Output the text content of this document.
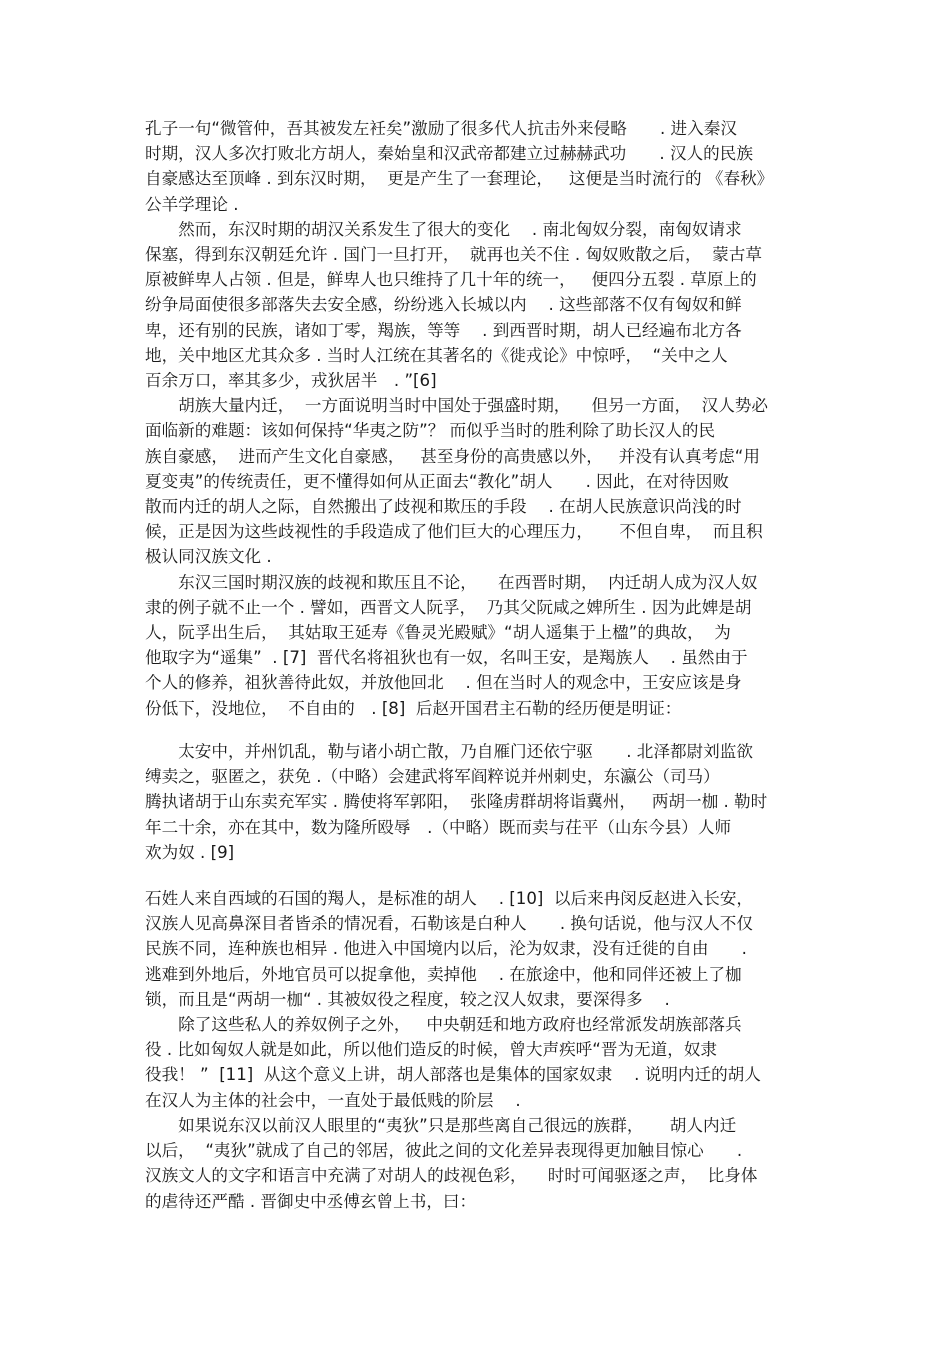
孔子一句“微管仲，吾其被发左衽矣”激励了很多代人抗击外来侵略　　. 进入秦汉
时期，汉人多次打败北方胡人，秦始皇和汉武帝都建立过赫赫武功　　. 汉人的民族
自豪感达至顶峰 . 到东汉时期，  更是产生了一套理论，   这便是当时流行的 《春秋》
公羊学理论 .
　　然而，东汉时期的胡汉关系发生了很大的变化　 . 南北匈奴分裂，南匈奴请求
保塞，得到东汉朝廷允许 . 国门一旦打开，  就再也关不住 . 匈奴败散之后，  蒙古草
原被鲜卑人占领 . 但是，鲜卑人也只维持了几十年的统一，   便四分五裂 . 草原上的
纷争局面使很多部落失去安全感，纷纷逃入长城以内　 . 这些部落不仅有匈奴和鲜
卑，还有别的民族，诸如丁零，羯族，等等　 . 到西晋时期，胡人已经遍布北方各
地，关中地区尤其众多 . 当时人江统在其著名的《徙戎论》中惊呼，  “关中之人
百余万口，率其多少，戎狄居半　. ”[6]
　　胡族大量内迁，  一方面说明当时中国处于强盛时期，    但另一方面，  汉人势必
面临新的难题：该如何保持“华夷之防”？ 而似乎当时的胜利除了助长汉人的民
族自豪感，  进而产生文化自豪感，   甚至身份的高贵感以外，   并没有认真考虑“用
夏变夷”的传统责任，更不懂得如何从正面去“教化”胡人　　. 因此，在对待因败
散而内迁的胡人之际，自然搬出了歧视和欺压的手段　 . 在胡人民族意识尚浅的时
候，正是因为这些歧视性的手段造成了他们巨大的心理压力，     不但自卑，  而且积
极认同汉族文化 .
　　东汉三国时期汉族的歧视和欺压且不论，    在西晋时期，  内迁胡人成为汉人奴
隶的例子就不止一个 . 譬如，西晋文人阮孚，  乃其父阮咸之婢所生 . 因为此婢是胡
人，阮孚出生后，  其姑取王延寿《鲁灵光殿赋》“胡人遥集于上楹”的典故，  为
他取字为“遥集”  . [7]  晋代名将祖狄也有一奴，名叫王安，是羯族人　 . 虽然由于
个人的修养，祖狄善待此奴，并放他回北　 . 但在当时人的观念中，王安应该是身
份低下，没地位，  不自由的　. [8]  后赵开国君主石勒的经历便是明证：
　　太安中，并州饥乱，勒与诸小胡亡散，乃自雁门还依宁驱　　. 北泽都尉刘监欲
缚卖之，驱匿之，获免 .（中略）会建武将军阎粹说并州刺史，东瀛公（司马）
腾执诸胡于山东卖充军实 . 腾使将军郭阳，  张隆虏群胡将诣冀州，   两胡一枷 . 勒时
年二十余，亦在其中，数为隆所殴辱　.（中略）既而卖与茌平（山东今县）人师
欢为奴 . [9]
石姓人来自西域的石国的羯人，是标准的胡人　 . [10]  以后来冉闵反赵进入长安，
汉族人见高鼻深目者皆杀的情况看，石勒该是白种人　　. 换句话说，他与汉人不仅
民族不同，连种族也相异 . 他进入中国境内以后，沦为奴隶，没有迁徙的自由　　.
逃难到外地后，外地官员可以捉拿他，卖掉他　 . 在旅途中，他和同伴还被上了枷
锁，而且是“两胡一枷“ . 其被奴役之程度，较之汉人奴隶，要深得多　 .
　　除了这些私人的养奴例子之外，   中央朝廷和地方政府也经常派发胡族部落兵
役 . 比如匈奴人就是如此，所以他们造反的时候，曾大声疾呼“晋为无道，奴隶
役我！ ”  [11]  从这个意义上讲，胡人部落也是集体的国家奴隶　 . 说明内迁的胡人
在汉人为主体的社会中，一直处于最低贱的阶层　 .
　　如果说东汉以前汉人眼里的“夷狄”只是那些离自己很远的族群，     胡人内迁
以后，  “夷狄”就成了自己的邻居，彼此之间的文化差异表现得更加触目惊心　　.
汉族文人的文字和语言中充满了对胡人的歧视色彩，    时时可闻驱逐之声，  比身体
的虐待还严酷 . 晋御史中丞傅玄曾上书，曰：
